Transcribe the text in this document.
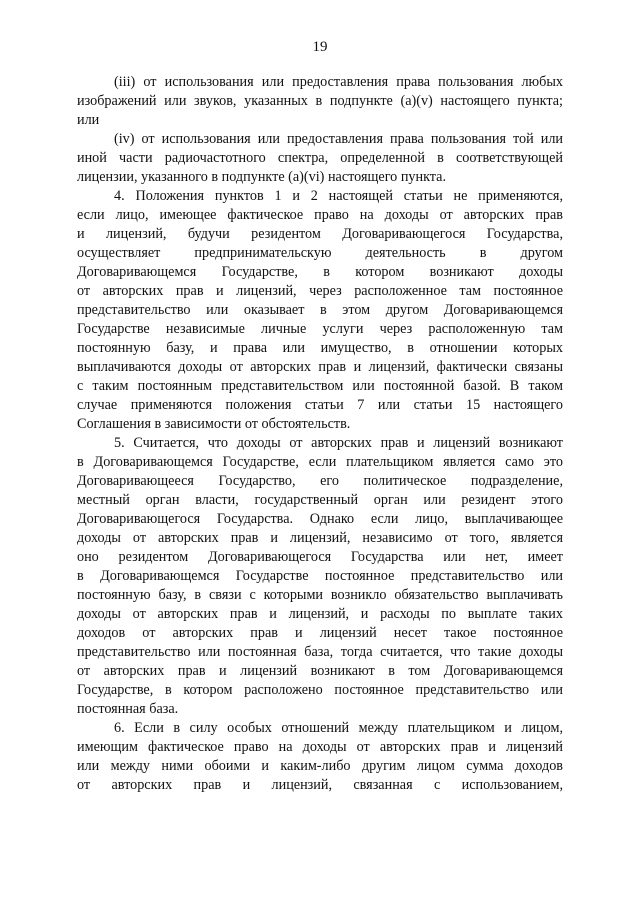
19
(iii) от использования или предоставления права пользования любых
изображений или звуков, указанных в подпункте (a)(v) настоящего пункта;
или
(iv) от использования или предоставления права пользования той или
иной части радиочастотного спектра, определенной в соответствующей
лицензии, указанного в подпункте (a)(vi) настоящего пункта.
4. Положения пунктов 1 и 2 настоящей статьи не применяются,
если лицо, имеющее фактическое право на доходы от авторских прав
и лицензий, будучи резидентом Договаривающегося Государства,
осуществляет предпринимательскую деятельность в другом
Договаривающемся Государстве, в котором возникают доходы
от авторских прав и лицензий, через расположенное там постоянное
представительство или оказывает в этом другом Договаривающемся
Государстве независимые личные услуги через расположенную там
постоянную базу, и права или имущество, в отношении которых
выплачиваются доходы от авторских прав и лицензий, фактически связаны
с таким постоянным представительством или постоянной базой. В таком
случае применяются положения статьи 7 или статьи 15 настоящего
Соглашения в зависимости от обстоятельств.
5. Считается, что доходы от авторских прав и лицензий возникают
в Договаривающемся Государстве, если плательщиком является само это
Договаривающееся Государство, его политическое подразделение,
местный орган власти, государственный орган или резидент этого
Договаривающегося Государства. Однако если лицо, выплачивающее
доходы от авторских прав и лицензий, независимо от того, является
оно резидентом Договаривающегося Государства или нет, имеет
в Договаривающемся Государстве постоянное представительство или
постоянную базу, в связи с которыми возникло обязательство выплачивать
доходы от авторских прав и лицензий, и расходы по выплате таких
доходов от авторских прав и лицензий несет такое постоянное
представительство или постоянная база, тогда считается, что такие доходы
от авторских прав и лицензий возникают в том Договаривающемся
Государстве, в котором расположено постоянное представительство или
постоянная база.
6. Если в силу особых отношений между плательщиком и лицом,
имеющим фактическое право на доходы от авторских прав и лицензий
или между ними обоими и каким-либо другим лицом сумма доходов
от авторских прав и лицензий, связанная с использованием,
